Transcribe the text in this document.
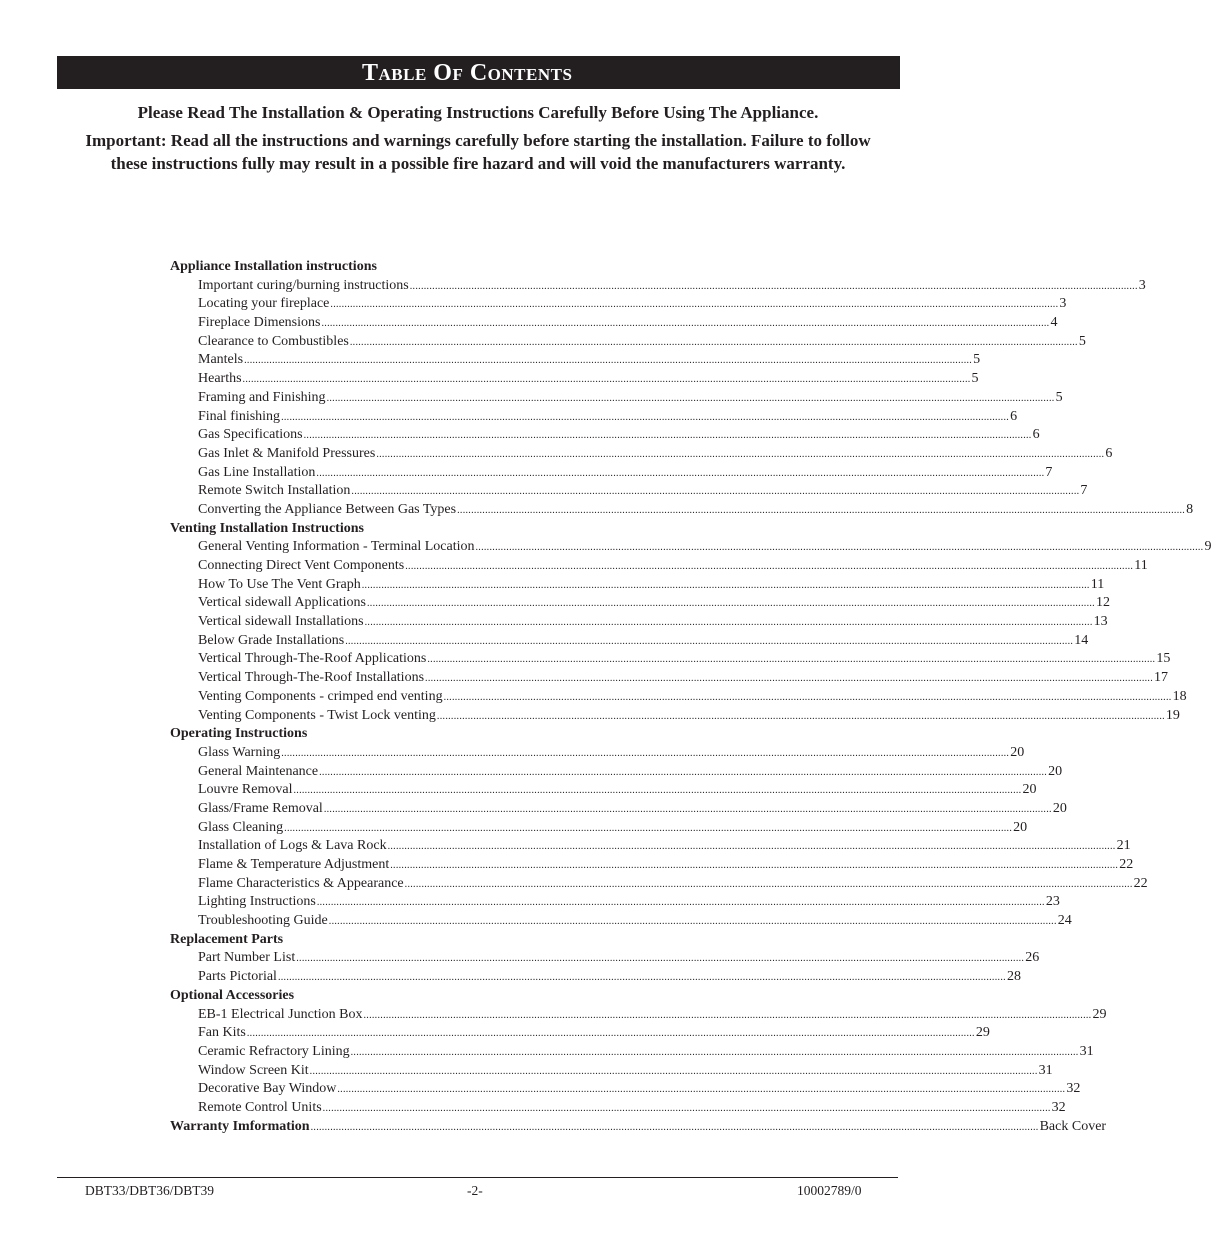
Table Of Contents

Please Read The Installation & Operating Instructions Carefully Before Using The Appliance.

Important: Read all the instructions and warnings carefully before starting the installation. Failure to follow these instructions fully may result in a possible fire hazard and will void the manufacturers warranty.

Appliance Installation instructions
Important curing/burning instructions .................................................................................................................................................................................................................................................................... 3
Locating your fireplace .................................................................................................................................................................................................................................................................... 3
Fireplace Dimensions .................................................................................................................................................................................................................................................................... 4
Clearance to Combustibles .................................................................................................................................................................................................................................................................... 5
Mantels .................................................................................................................................................................................................................................................................... 5
Hearths .................................................................................................................................................................................................................................................................... 5
Framing and Finishing .................................................................................................................................................................................................................................................................... 5
Final finishing .................................................................................................................................................................................................................................................................... 6
Gas Specifications .................................................................................................................................................................................................................................................................... 6
Gas Inlet & Manifold Pressures .................................................................................................................................................................................................................................................................... 6
Gas Line Installation .................................................................................................................................................................................................................................................................... 7
Remote Switch Installation .................................................................................................................................................................................................................................................................... 7
Converting the Appliance Between Gas Types .................................................................................................................................................................................................................................................................... 8
Venting Installation Instructions
General Venting Information - Terminal Location .................................................................................................................................................................................................................................................................... 9
Connecting Direct Vent Components .................................................................................................................................................................................................................................................................... 11
How To Use The Vent Graph .................................................................................................................................................................................................................................................................... 11
Vertical sidewall Applications .................................................................................................................................................................................................................................................................... 12
Vertical sidewall Installations .................................................................................................................................................................................................................................................................... 13
Below Grade Installations .................................................................................................................................................................................................................................................................... 14
Vertical Through-The-Roof Applications .................................................................................................................................................................................................................................................................... 15
Vertical Through-The-Roof Installations .................................................................................................................................................................................................................................................................... 17
Venting Components - crimped end venting .................................................................................................................................................................................................................................................................... 18
Venting Components - Twist Lock venting .................................................................................................................................................................................................................................................................... 19
Operating Instructions
Glass Warning .................................................................................................................................................................................................................................................................... 20
General Maintenance .................................................................................................................................................................................................................................................................... 20
Louvre Removal .................................................................................................................................................................................................................................................................... 20
Glass/Frame Removal .................................................................................................................................................................................................................................................................... 20
Glass Cleaning .................................................................................................................................................................................................................................................................... 20
Installation of Logs & Lava Rock .................................................................................................................................................................................................................................................................... 21
Flame & Temperature Adjustment .................................................................................................................................................................................................................................................................... 22
Flame Characteristics & Appearance .................................................................................................................................................................................................................................................................... 22
Lighting Instructions .................................................................................................................................................................................................................................................................... 23
Troubleshooting Guide .................................................................................................................................................................................................................................................................... 24
Replacement Parts
Part Number List .................................................................................................................................................................................................................................................................... 26
Parts Pictorial .................................................................................................................................................................................................................................................................... 28
Optional Accessories
EB-1 Electrical Junction Box .................................................................................................................................................................................................................................................................... 29
Fan Kits .................................................................................................................................................................................................................................................................... 29
Ceramic Refractory Lining .................................................................................................................................................................................................................................................................... 31
Window Screen Kit .................................................................................................................................................................................................................................................................... 31
Decorative Bay Window .................................................................................................................................................................................................................................................................... 32
Remote Control Units .................................................................................................................................................................................................................................................................... 32
Warranty Imformation .................................................................................................................................................................................................................................................................... Back Cover
DBT33/DBT36/DBT39	-2-	10002789/0
